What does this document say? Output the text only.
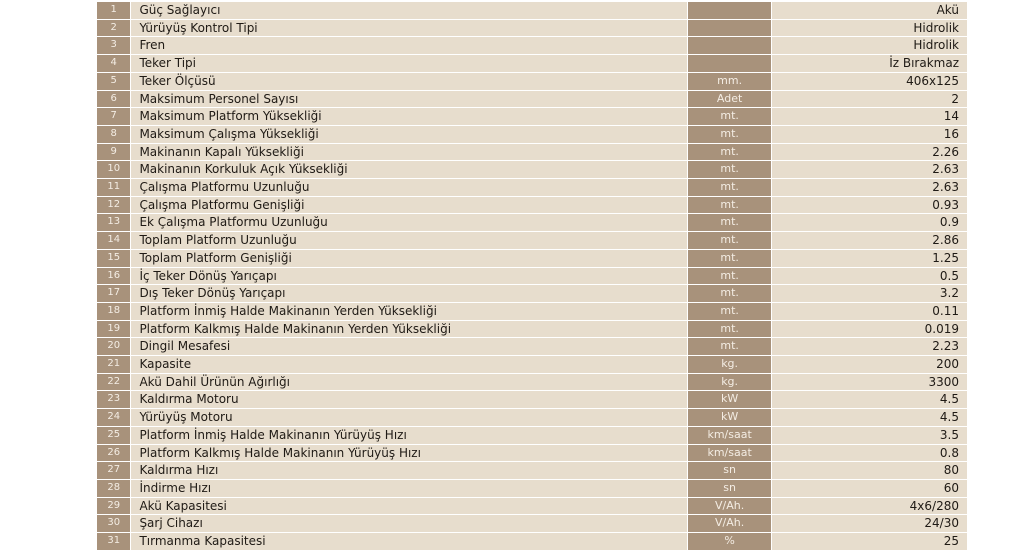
1	Güç Sağlayıcı		Akü
2	Yürüyüş Kontrol Tipi		Hidrolik
3	Fren		Hidrolik
4	Teker Tipi		İz Bırakmaz
5	Teker Ölçüsü	mm.	406x125
6	Maksimum Personel Sayısı	Adet	2
7	Maksimum Platform Yüksekliği	mt.	14
8	Maksimum Çalışma Yüksekliği	mt.	16
9	Makinanın Kapalı Yüksekliği	mt.	2.26
10	Makinanın Korkuluk Açık Yüksekliği	mt.	2.63
11	Çalışma Platformu Uzunluğu	mt.	2.63
12	Çalışma Platformu Genişliği	mt.	0.93
13	Ek Çalışma Platformu Uzunluğu	mt.	0.9
14	Toplam Platform Uzunluğu	mt.	2.86
15	Toplam Platform Genişliği	mt.	1.25
16	İç Teker Dönüş Yarıçapı	mt.	0.5
17	Dış Teker Dönüş Yarıçapı	mt.	3.2
18	Platform İnmiş Halde Makinanın Yerden Yüksekliği	mt.	0.11
19	Platform Kalkmış Halde Makinanın Yerden Yüksekliği	mt.	0.019
20	Dingil Mesafesi	mt.	2.23
21	Kapasite	kg.	200
22	Akü Dahil Ürünün Ağırlığı	kg.	3300
23	Kaldırma Motoru	kW	4.5
24	Yürüyüş Motoru	kW	4.5
25	Platform İnmiş Halde Makinanın Yürüyüş Hızı	km/saat	3.5
26	Platform Kalkmış Halde Makinanın Yürüyüş Hızı	km/saat	0.8
27	Kaldırma Hızı	sn	80
28	İndirme Hızı	sn	60
29	Akü Kapasitesi	V/Ah.	4x6/280
30	Şarj Cihazı	V/Ah.	24/30
31	Tırmanma Kapasitesi	%	25
